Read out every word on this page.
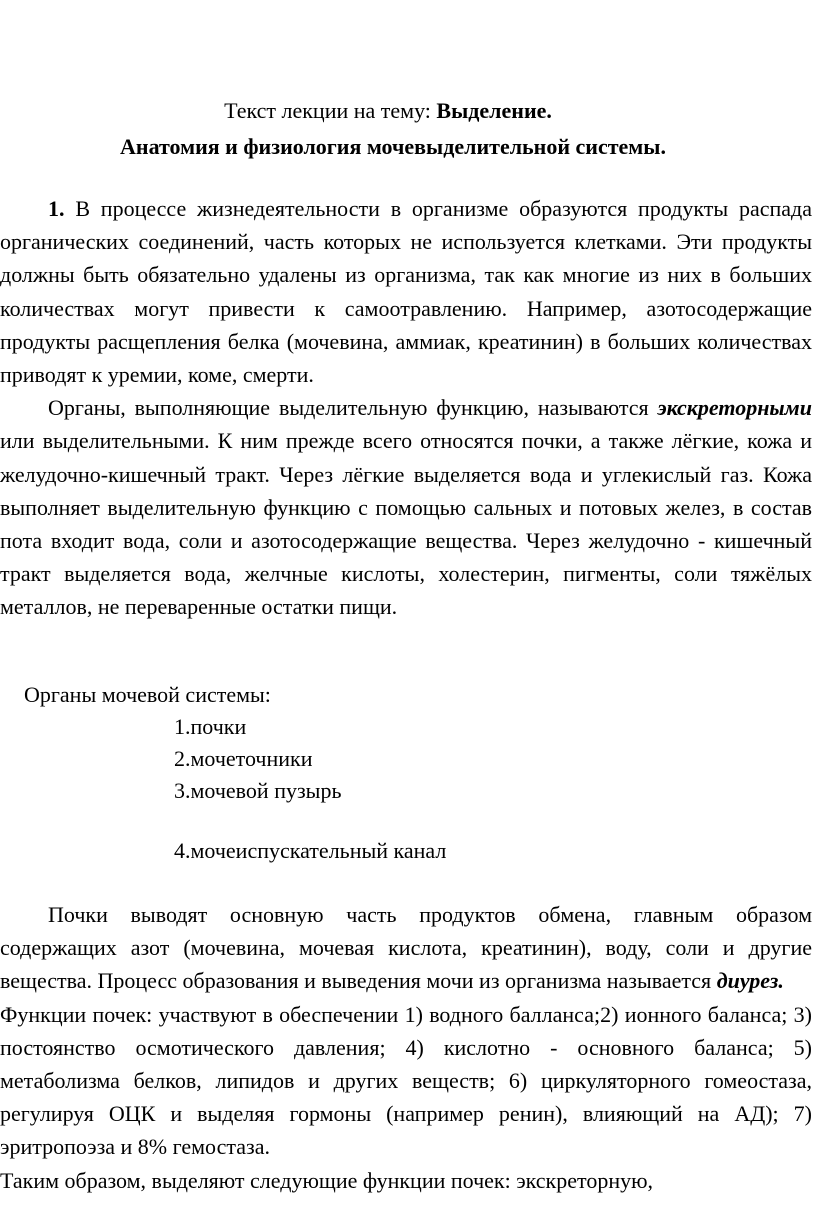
Текст лекции на тему: Выделение.
Анатомия и физиология мочевыделительной системы.

1. В процессе жизнедеятельности в организме образуются продукты распада органических соединений, часть которых не используется клетками. Эти продукты должны быть обязательно удалены из организма, так как многие из них в больших количествах могут привести к самоотравлению. Например, азотосодержащие продукты расщепления белка (мочевина, аммиак, креатинин) в больших количествах приводят к уремии, коме, смерти.

Органы, выполняющие выделительную функцию, называются экскреторными или выделительными. К ним прежде всего относятся почки, а также лёгкие, кожа и желудочно-кишечный тракт. Через лёгкие выделяется вода и углекислый газ. Кожа выполняет выделительную функцию с помощью сальных и потовых желез, в состав пота входит вода, соли и азотосодержащие вещества. Через желудочно - кишечный тракт выделяется вода, желчные кислоты, холестерин, пигменты, соли тяжёлых металлов, не переваренные остатки пищи.

Органы мочевой системы:
1.почки
2.мочеточники
3.мочевой пузырь
4.мочеиспускательный канал

Почки выводят основную часть продуктов обмена, главным образом содержащих азот (мочевина, мочевая кислота, креатинин), воду, соли и другие вещества. Процесс образования и выведения мочи из организма называется диурез.

Функции почек: участвуют в обеспечении 1) водного балланса;2) ионного баланса; 3) постоянство осмотического давления; 4) кислотно - основного баланса; 5) метаболизма белков, липидов и других веществ; 6) циркуляторного гомеостаза, регулируя ОЦК и выделяя гормоны (например ренин), влияющий на АД); 7) эритропоэза и 8% гемостаза.

Таким образом, выделяют следующие функции почек: экскреторную,
